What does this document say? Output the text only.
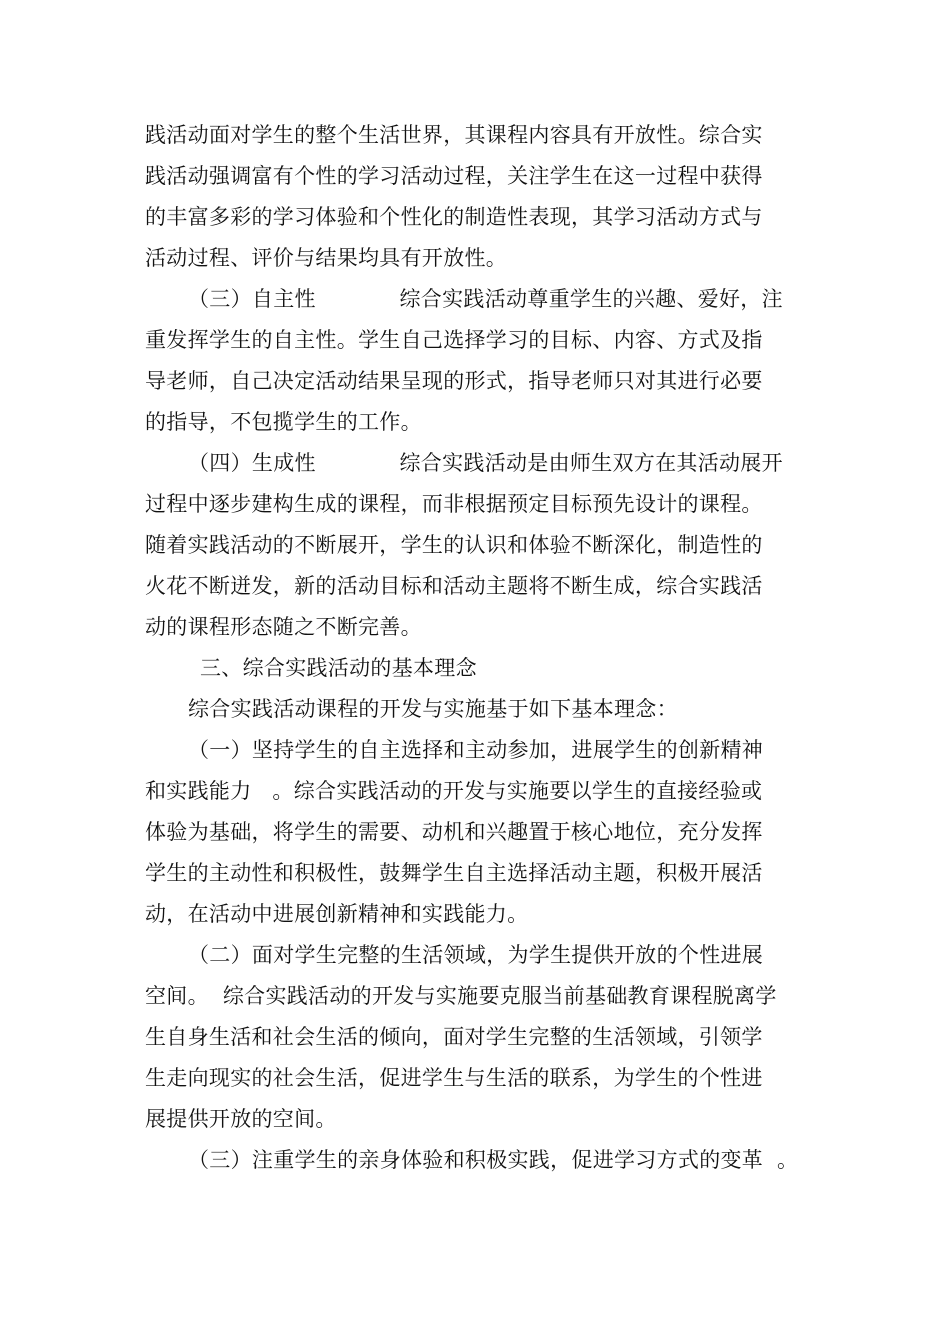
践活动面对学生的整个生活世界，其课程内容具有开放性。综合实
践活动强调富有个性的学习活动过程，关注学生在这一过程中获得
的丰富多彩的学习体验和个性化的制造性表现，其学习活动方式与
活动过程、评价与结果均具有开放性。
（三）自主性            综合实践活动尊重学生的兴趣、爱好，注
重发挥学生的自主性。学生自己选择学习的目标、内容、方式及指
导老师，自己决定活动结果呈现的形式，指导老师只对其进行必要
的指导，不包揽学生的工作。
（四）生成性            综合实践活动是由师生双方在其活动展开
过程中逐步建构生成的课程，而非根据预定目标预先设计的课程。
随着实践活动的不断展开，学生的认识和体验不断深化，制造性的
火花不断迸发，新的活动目标和活动主题将不断生成，综合实践活
动的课程形态随之不断完善。
三、综合实践活动的基本理念
综合实践活动课程的开发与实施基于如下基本理念：
（一）坚持学生的自主选择和主动参加，进展学生的创新精神
和实践能力   。综合实践活动的开发与实施要以学生的直接经验或
体验为基础，将学生的需要、动机和兴趣置于核心地位，充分发挥
学生的主动性和积极性，鼓舞学生自主选择活动主题，积极开展活
动，在活动中进展创新精神和实践能力。
（二）面对学生完整的生活领域，为学生提供开放的个性进展
空间。  综合实践活动的开发与实施要克服当前基础教育课程脱离学
生自身生活和社会生活的倾向，面对学生完整的生活领域，引领学
生走向现实的社会生活，促进学生与生活的联系，为学生的个性进
展提供开放的空间。
（三）注重学生的亲身体验和积极实践，促进学习方式的变革  。
